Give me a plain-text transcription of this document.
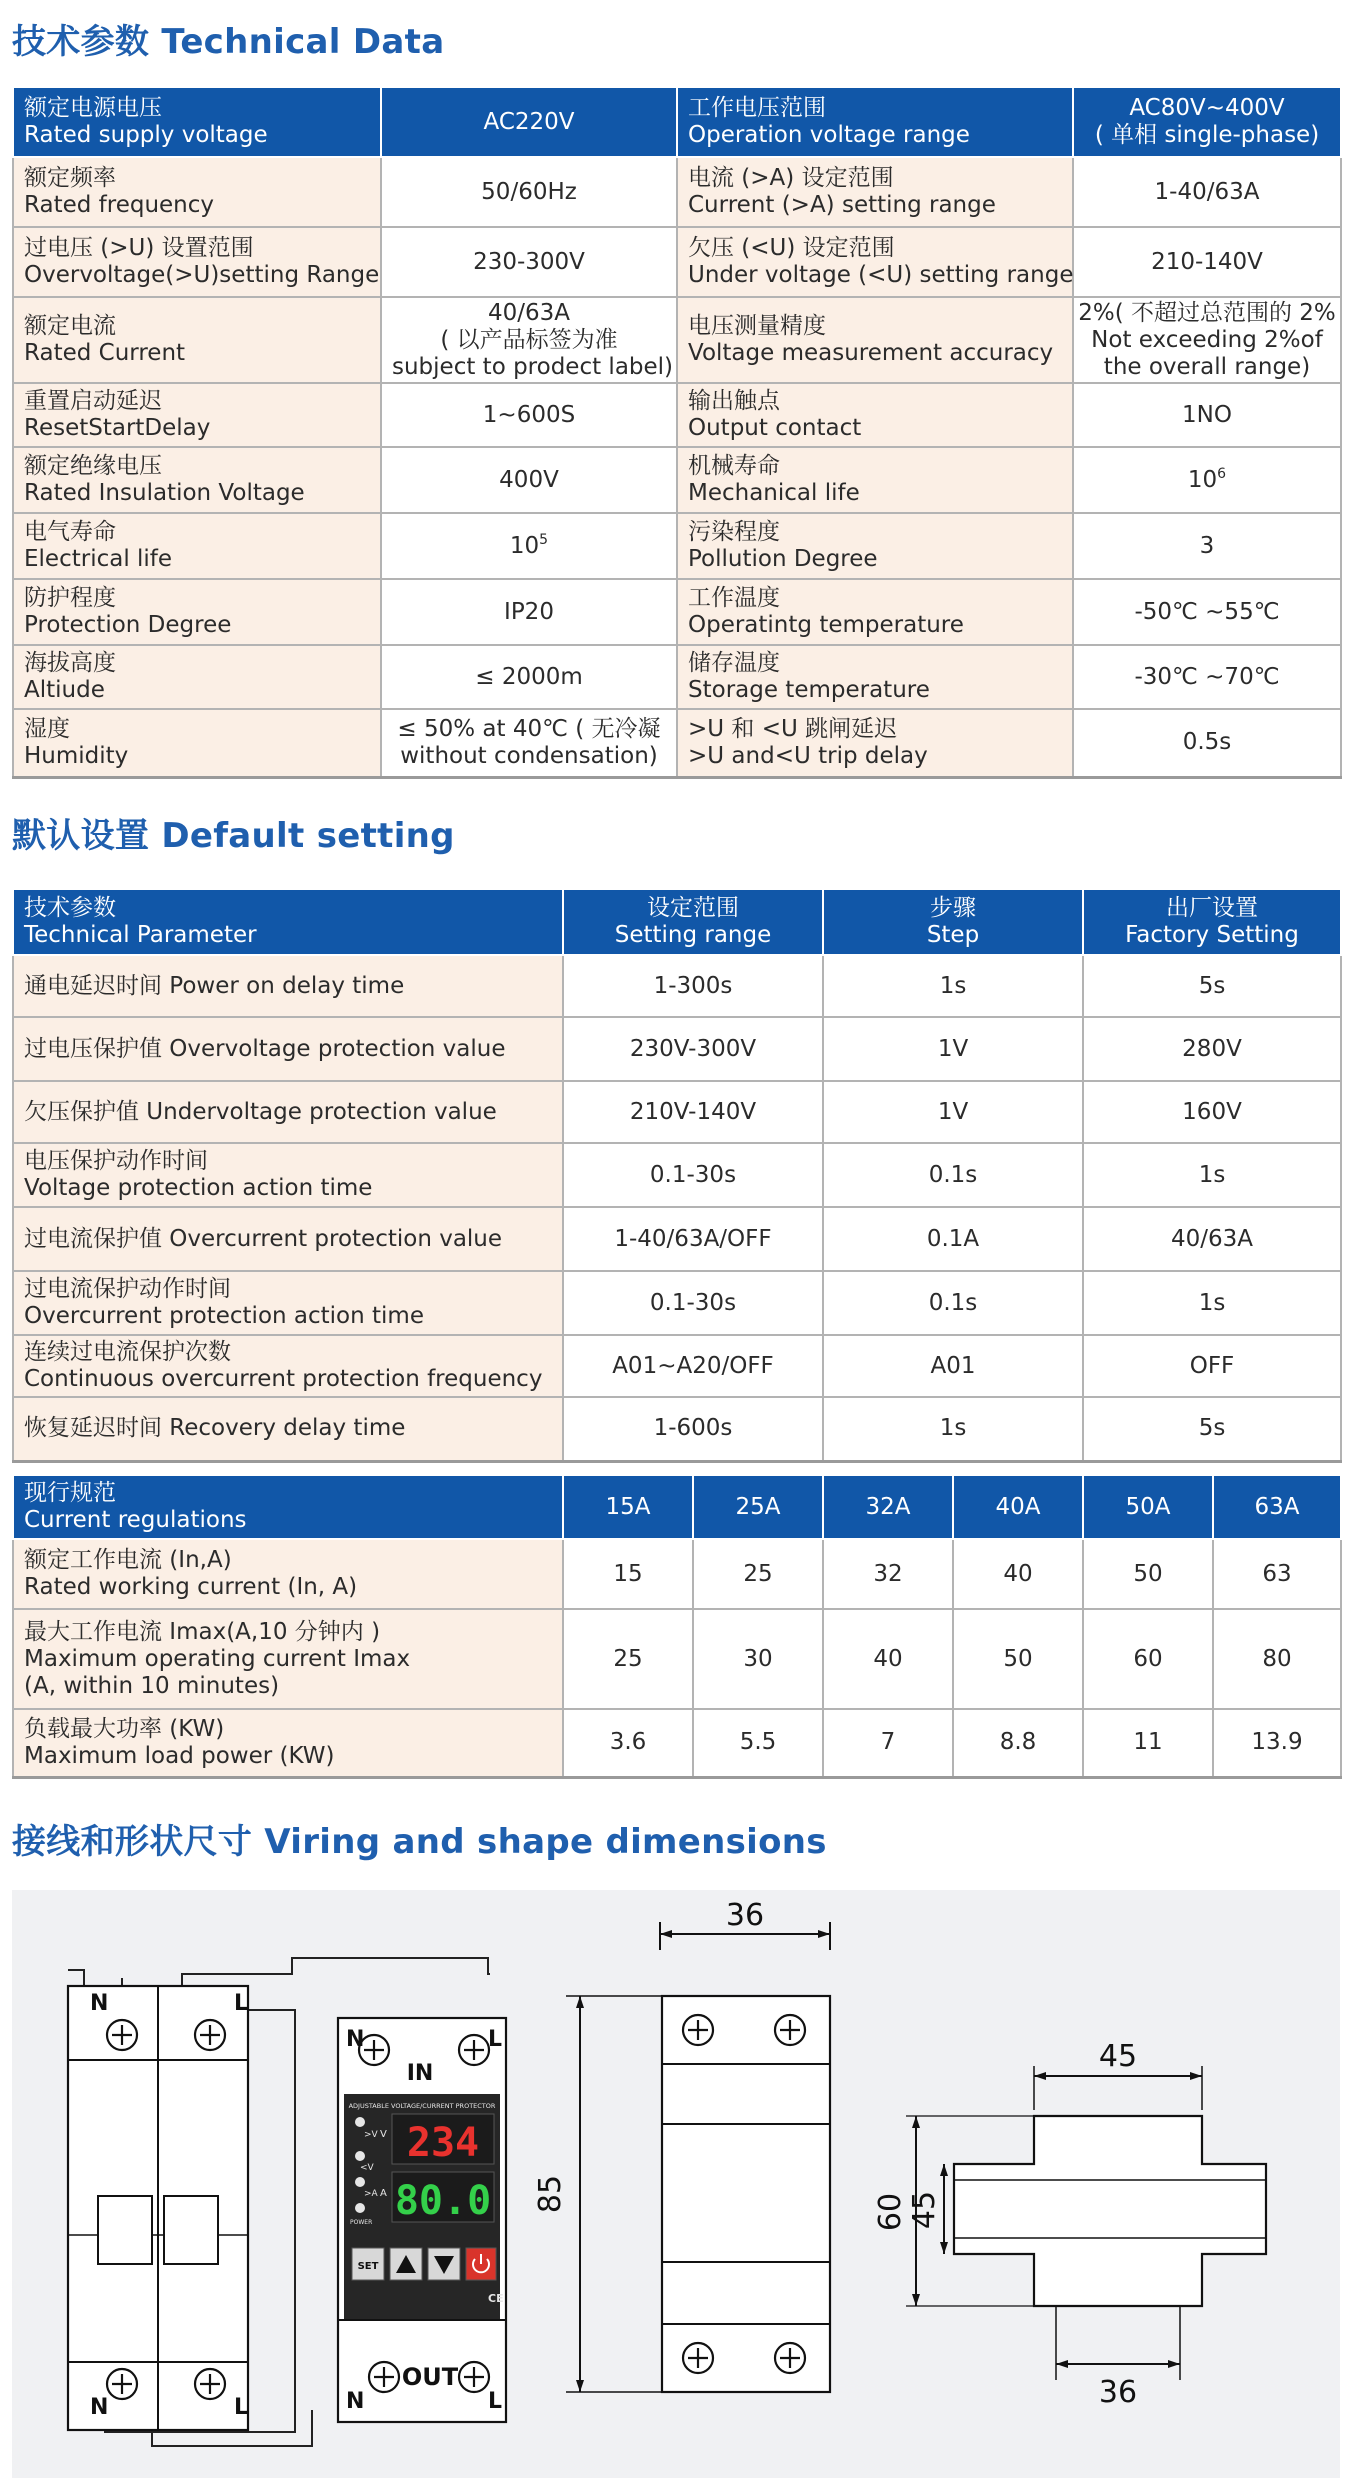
技术参数 Technical Data
额定电源电压
Rated supply voltage	AC220V	工作电压范围
Operation voltage range	AC80V~400V
( 单相 single-phase)

额定频率
Rated frequency	50/60Hz	电流 (>A) 设定范围
Current (>A) setting range	1-40/63A

过电压 (>U) 设置范围
Overvoltage(>U)setting Range	230-300V	欠压 (<U) 设定范围
Under voltage (<U) setting range	210-140V

额定电流
Rated Current	40/63A
( 以产品标签为准
subject to prodect label)	电压测量精度
Voltage measurement accuracy	2%( 不超过总范围的 2%
Not exceeding 2%of
the overall range)

重置启动延迟
ResetStartDelay	1~600S	输出触点
Output contact	1NO

额定绝缘电压
Rated Insulation Voltage	400V	机械寿命
Mechanical life	$10^6$

电气寿命
Electrical life	$10^5$	污染程度
Pollution Degree	3

防护程度
Protection Degree	IP20	工作温度
Operatintg temperature	-50℃ ~55℃

海拔高度
Altiude	≤ 2000m	储存温度
Storage temperature	-30℃ ~70℃

湿度
Humidity	≤ 50% at 40℃ ( 无冷凝
without condensation)	>U 和 <U 跳闸延迟
>U and<U trip delay	0.5s
默认设置 Default setting
技术参数
Technical Parameter	设定范围
Setting range	步骤
Step	出厂设置
Factory Setting

通电延迟时间 Power on delay time	1-300s	1s	5s
过电压保护值 Overvoltage protection value	230V-300V	1V	280V
欠压保护值 Undervoltage protection value	210V-140V	1V	160V

电压保护动作时间
Voltage protection action time	0.1-30s	0.1s	1s
过电流保护值 Overcurrent protection value	1-40/63A/OFF	0.1A	40/63A

过电流保护动作时间
Overcurrent protection action time	0.1-30s	0.1s	1s

连续过电流保护次数
Continuous overcurrent protection frequency	A01~A20/OFF	A01	OFF
恢复延迟时间 Recovery delay time	1-600s	1s	5s
现行规范
Current regulations	15A	25A	32A	40A	50A	63A

额定工作电流 (In,A)
Rated working current (In, A)	15	25	32	40	50	63

最大工作电流 Imax(A,10 分钟内 )
Maximum operating current Imax
(A, within 10 minutes)	25	30	40	50	60	80

负载最大功率 (KW)
Maximum load power (KW)	3.6	5.5	7	8.8	11	13.9
接线和形状尺寸 Viring and shape dimensions
N	L
N	L
N	L
IN
ADJUSTABLE VOLTAGE/CURRENT PROTECTOR
>V
<V
V
>A A
POWER
234
80.0
SET
CE
OUT
N	L
36
85
45
60 45
36
